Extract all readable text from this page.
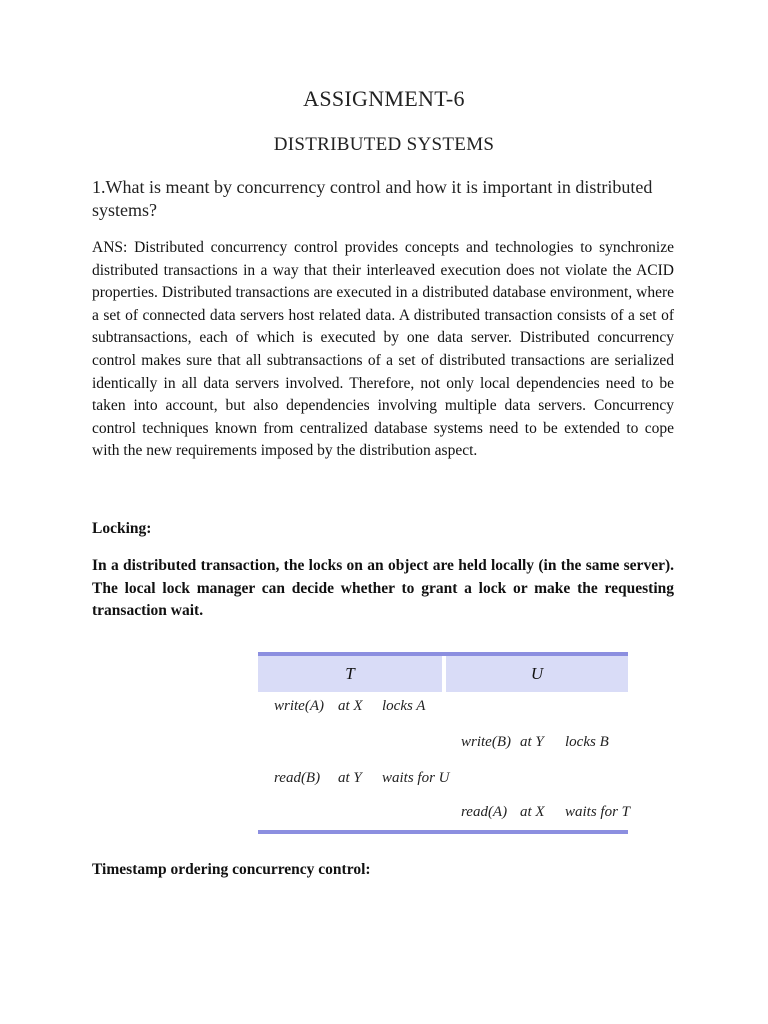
ASSIGNMENT-6
DISTRIBUTED SYSTEMS
1.What is meant by concurrency control and how it is important in distributed systems?
ANS: Distributed concurrency control provides concepts and technologies to synchronize distributed transactions in a way that their interleaved execution does not violate the ACID properties. Distributed transactions are executed in a distributed database environment, where a set of connected data servers host related data. A distributed transaction consists of a set of subtransactions, each of which is executed by one data server. Distributed concurrency control makes sure that all subtransactions of a set of distributed transactions are serialized identically in all data servers involved. Therefore, not only local dependencies need to be taken into account, but also dependencies involving multiple data servers. Concurrency control techniques known from centralized database systems need to be extended to cope with the new requirements imposed by the distribution aspect.
Locking:
In a distributed transaction, the locks on an object are held locally (in the same server). The local lock manager can decide whether to grant a lock or make the requesting transaction wait.
T	U
write(A) at X locks A
write(B) at Y locks B
read(B) at Y waits for U
read(A) at X waits for T
Timestamp ordering concurrency control:
